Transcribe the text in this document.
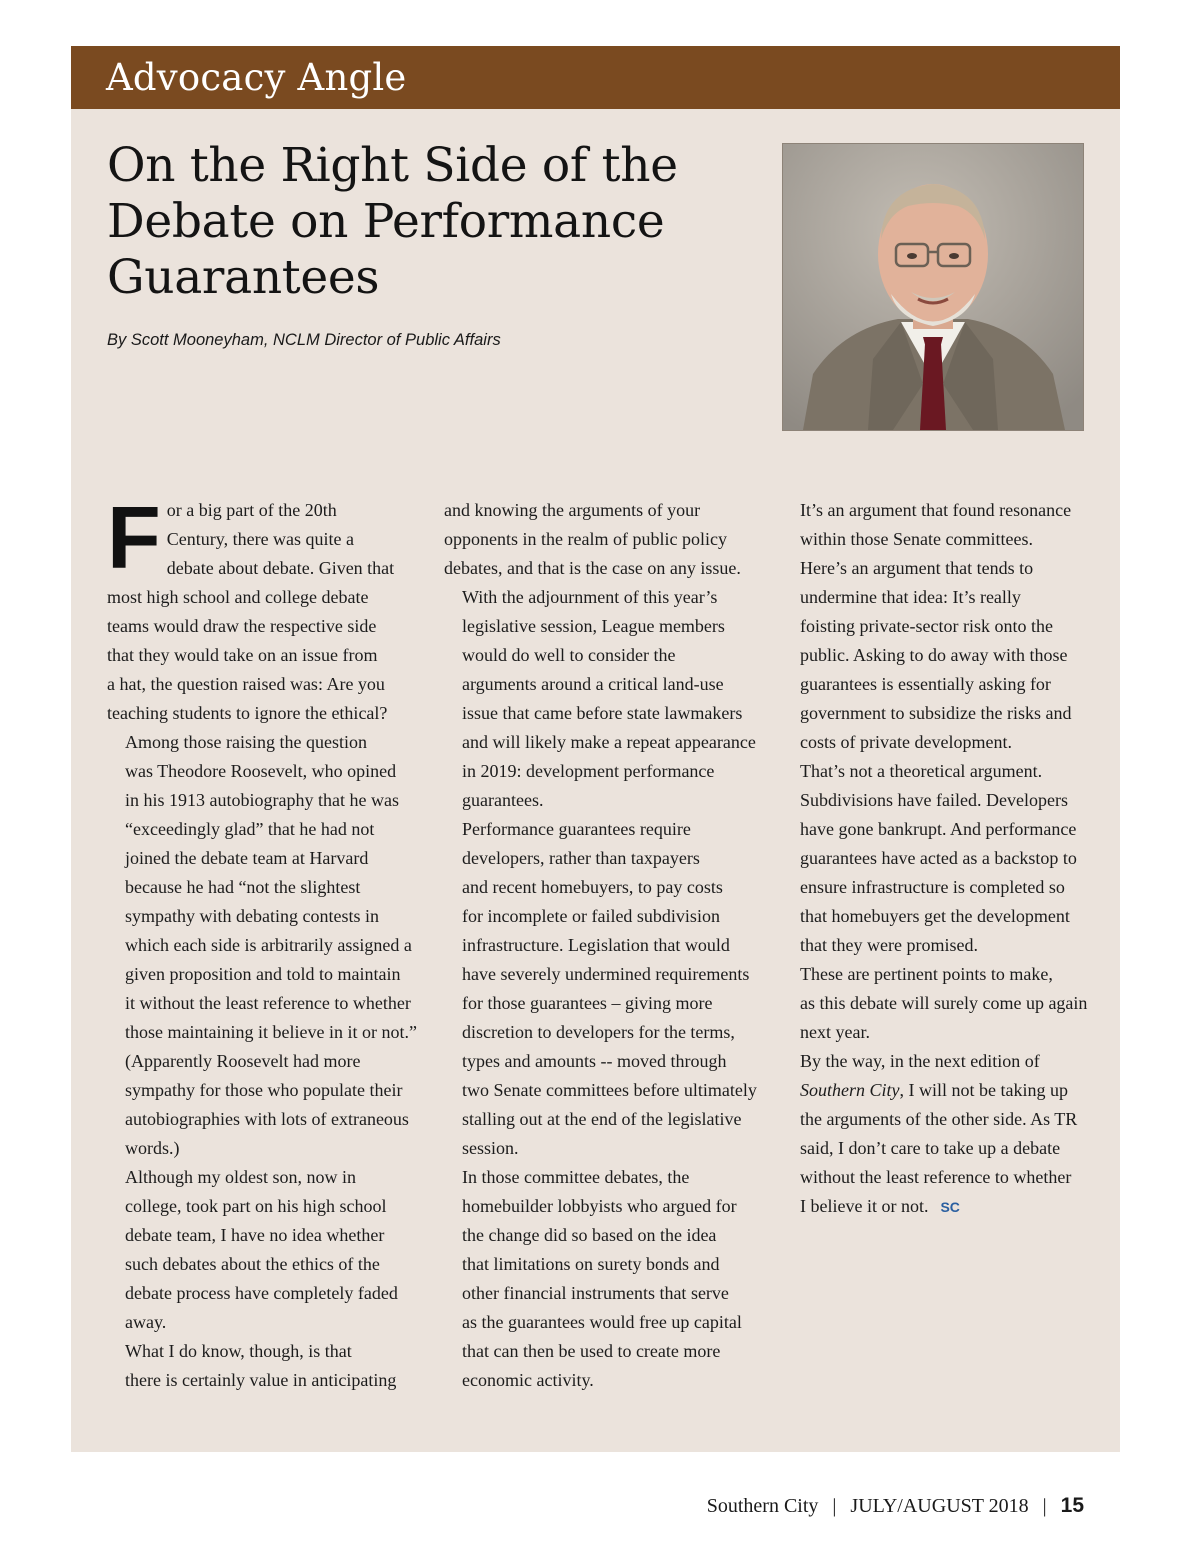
Advocacy Angle
On the Right Side of the
Debate on Performance
Guarantees
By Scott Mooneyham, NCLM Director of Public Affairs

F or a big part of the 20th
Century, there was quite a
debate about debate. Given that
most high school and college debate
teams would draw the respective side
that they would take on an issue from
a hat, the question raised was: Are you
teaching students to ignore the ethical?

Among those raising the question
was Theodore Roosevelt, who opined
in his 1913 autobiography that he was
“exceedingly glad” that he had not
joined the debate team at Harvard
because he had “not the slightest
sympathy with debating contests in
which each side is arbitrarily assigned a
given proposition and told to maintain
it without the least reference to whether
those maintaining it believe in it or not.”

(Apparently Roosevelt had more
sympathy for those who populate their
autobiographies with lots of extraneous
words.)

Although my oldest son, now in
college, took part on his high school
debate team, I have no idea whether
such debates about the ethics of the
debate process have completely faded
away.

What I do know, though, is that
there is certainly value in anticipating

and knowing the arguments of your
opponents in the realm of public policy
debates, and that is the case on any issue.

With the adjournment of this year’s
legislative session, League members
would do well to consider the
arguments around a critical land-use
issue that came before state lawmakers
and will likely make a repeat appearance
in 2019: development performance
guarantees.

Performance guarantees require
developers, rather than taxpayers
and recent homebuyers, to pay costs
for incomplete or failed subdivision
infrastructure. Legislation that would
have severely undermined requirements
for those guarantees – giving more
discretion to developers for the terms,
types and amounts -- moved through
two Senate committees before ultimately
stalling out at the end of the legislative
session.

In those committee debates, the
homebuilder lobbyists who argued for
the change did so based on the idea
that limitations on surety bonds and
other financial instruments that serve
as the guarantees would free up capital
that can then be used to create more
economic activity.

It’s an argument that found resonance
within those Senate committees.
Here’s an argument that tends to
undermine that idea: It’s really
foisting private-sector risk onto the
public. Asking to do away with those
guarantees is essentially asking for
government to subsidize the risks and
costs of private development.

That’s not a theoretical argument.
Subdivisions have failed. Developers
have gone bankrupt. And performance
guarantees have acted as a backstop to
ensure infrastructure is completed so
that homebuyers get the development
that they were promised.

These are pertinent points to make,
as this debate will surely come up again
next year.

By the way, in the next edition of
Southern City, I will not be taking up
the arguments of the other side. As TR
said, I don’t care to take up a debate
without the least reference to whether
I believe it or not. SC

Southern City | JULY/AUGUST 2018 | 15
